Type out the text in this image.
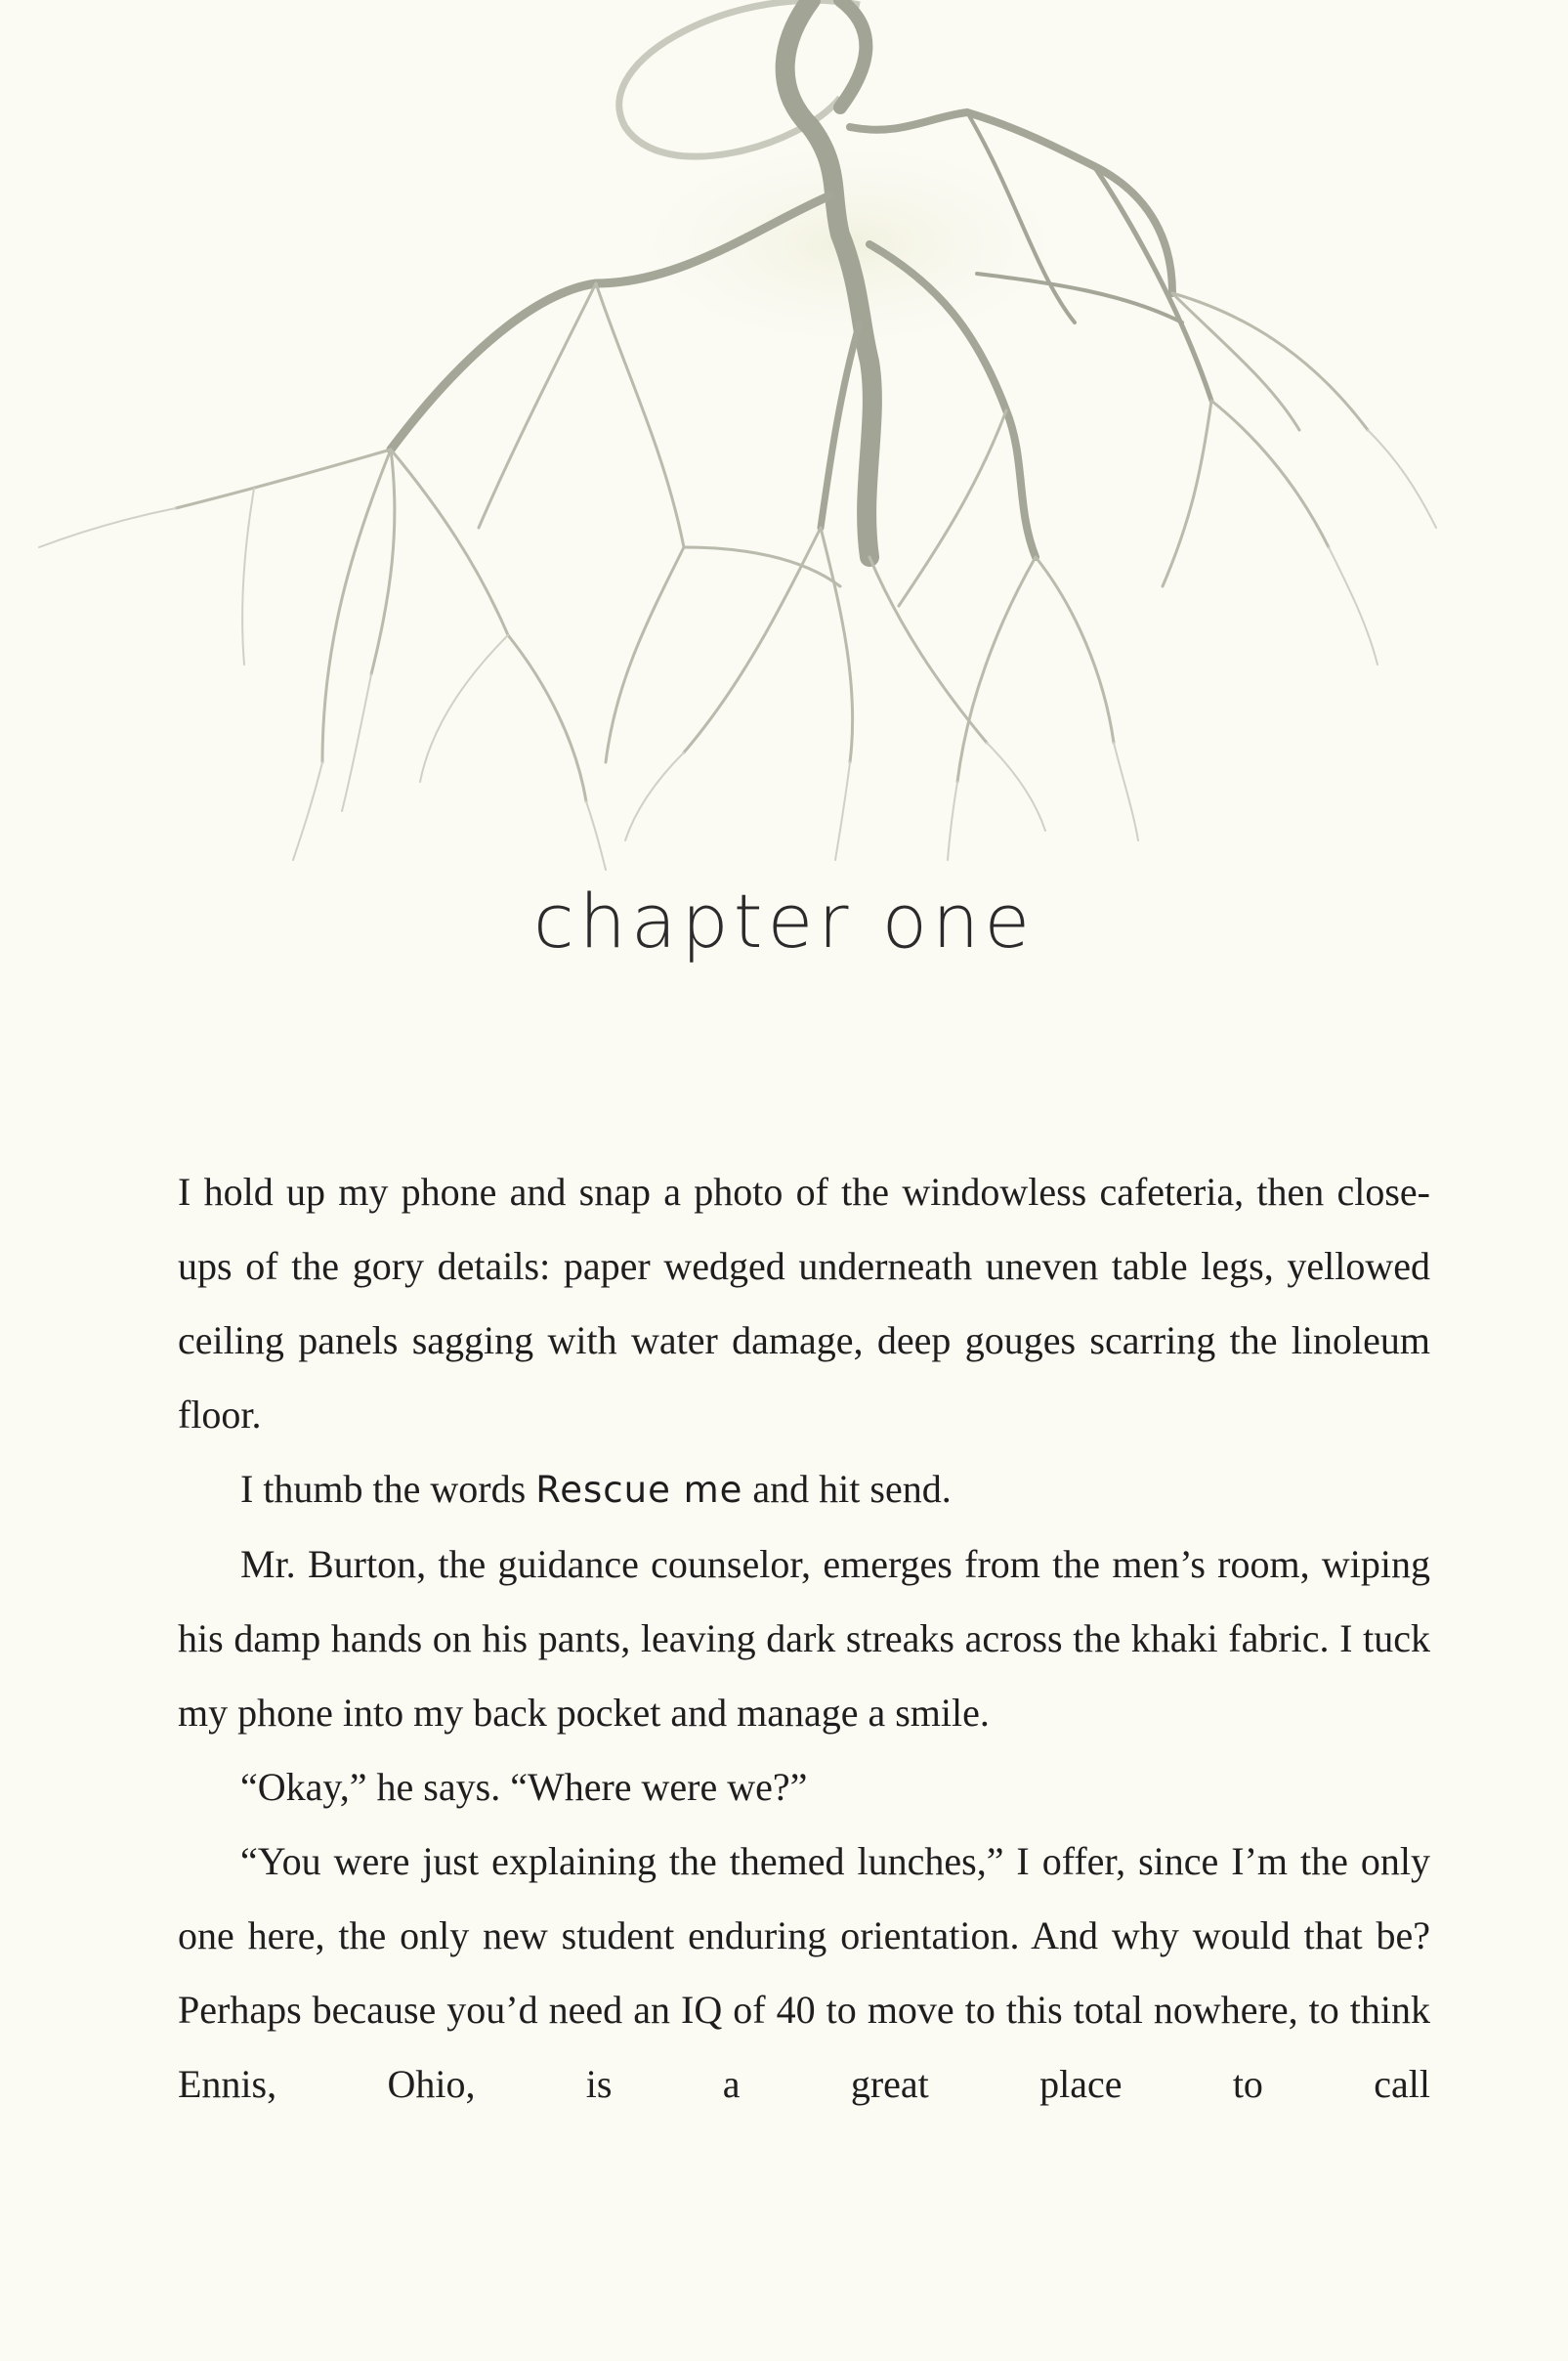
chapter one

I hold up my phone and snap a photo of the windowless cafeteria, then close-ups of the gory details: paper wedged underneath uneven table legs, yellowed ceiling panels sagging with water damage, deep gouges scarring the linoleum floor.

I thumb the words Rescue me and hit send.

Mr. Burton, the guidance counselor, emerges from the men’s room, wiping his damp hands on his pants, leaving dark streaks across the khaki fabric. I tuck my phone into my back pocket and manage a smile.

“Okay,” he says. “Where were we?”

“You were just explaining the themed lunches,” I offer, since I’m the only one here, the only new student enduring orientation. And why would that be? Perhaps because you’d need an IQ of 40 to move to this total nowhere, to think Ennis, Ohio, is a great place to call
